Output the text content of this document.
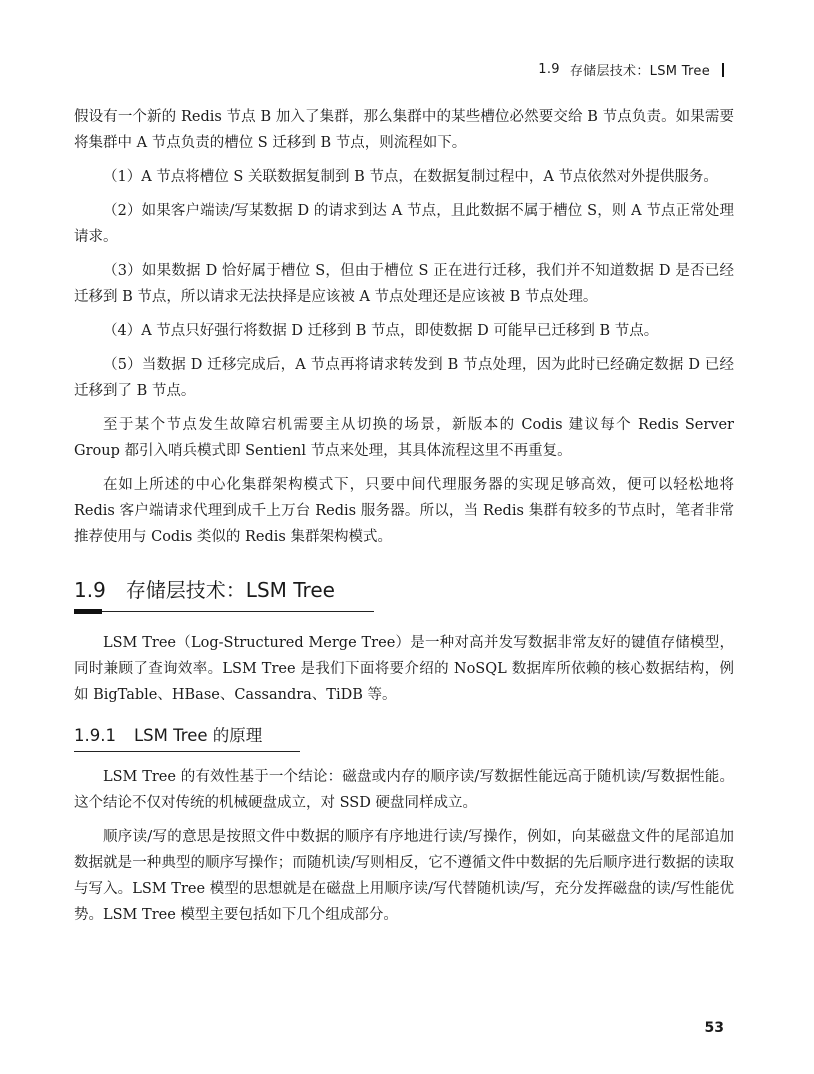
1.9 存储层技术：LSM Tree

假设有一个新的 Redis 节点 B 加入了集群，那么集群中的某些槽位必然要交给 B 节点负责。如果需要将集群中 A 节点负责的槽位 S 迁移到 B 节点，则流程如下。

（1）A 节点将槽位 S 关联数据复制到 B 节点，在数据复制过程中，A 节点依然对外提供服务。

（2）如果客户端读/写某数据 D 的请求到达 A 节点，且此数据不属于槽位 S，则 A 节点正常处理请求。

（3）如果数据 D 恰好属于槽位 S，但由于槽位 S 正在进行迁移，我们并不知道数据 D 是否已经迁移到 B 节点，所以请求无法抉择是应该被 A 节点处理还是应该被 B 节点处理。

（4）A 节点只好强行将数据 D 迁移到 B 节点，即使数据 D 可能早已迁移到 B 节点。

（5）当数据 D 迁移完成后，A 节点再将请求转发到 B 节点处理，因为此时已经确定数据 D 已经迁移到了 B 节点。

至于某个节点发生故障宕机需要主从切换的场景，新版本的 Codis 建议每个 Redis Server Group 都引入哨兵模式即 Sentienl 节点来处理，其具体流程这里不再重复。

在如上所述的中心化集群架构模式下，只要中间代理服务器的实现足够高效，便可以轻松地将 Redis 客户端请求代理到成千上万台 Redis 服务器。所以，当 Redis 集群有较多的节点时，笔者非常推荐使用与 Codis 类似的 Redis 集群架构模式。

1.9 存储层技术：LSM Tree

LSM Tree（Log-Structured Merge Tree）是一种对高并发写数据非常友好的键值存储模型，同时兼顾了查询效率。LSM Tree 是我们下面将要介绍的 NoSQL 数据库所依赖的核心数据结构，例如 BigTable、HBase、Cassandra、TiDB 等。

1.9.1 LSM Tree 的原理

LSM Tree 的有效性基于一个结论：磁盘或内存的顺序读/写数据性能远高于随机读/写数据性能。这个结论不仅对传统的机械硬盘成立，对 SSD 硬盘同样成立。

顺序读/写的意思是按照文件中数据的顺序有序地进行读/写操作，例如，向某磁盘文件的尾部追加数据就是一种典型的顺序写操作；而随机读/写则相反，它不遵循文件中数据的先后顺序进行数据的读取与写入。LSM Tree 模型的思想就是在磁盘上用顺序读/写代替随机读/写，充分发挥磁盘的读/写性能优势。LSM Tree 模型主要包括如下几个组成部分。

53
